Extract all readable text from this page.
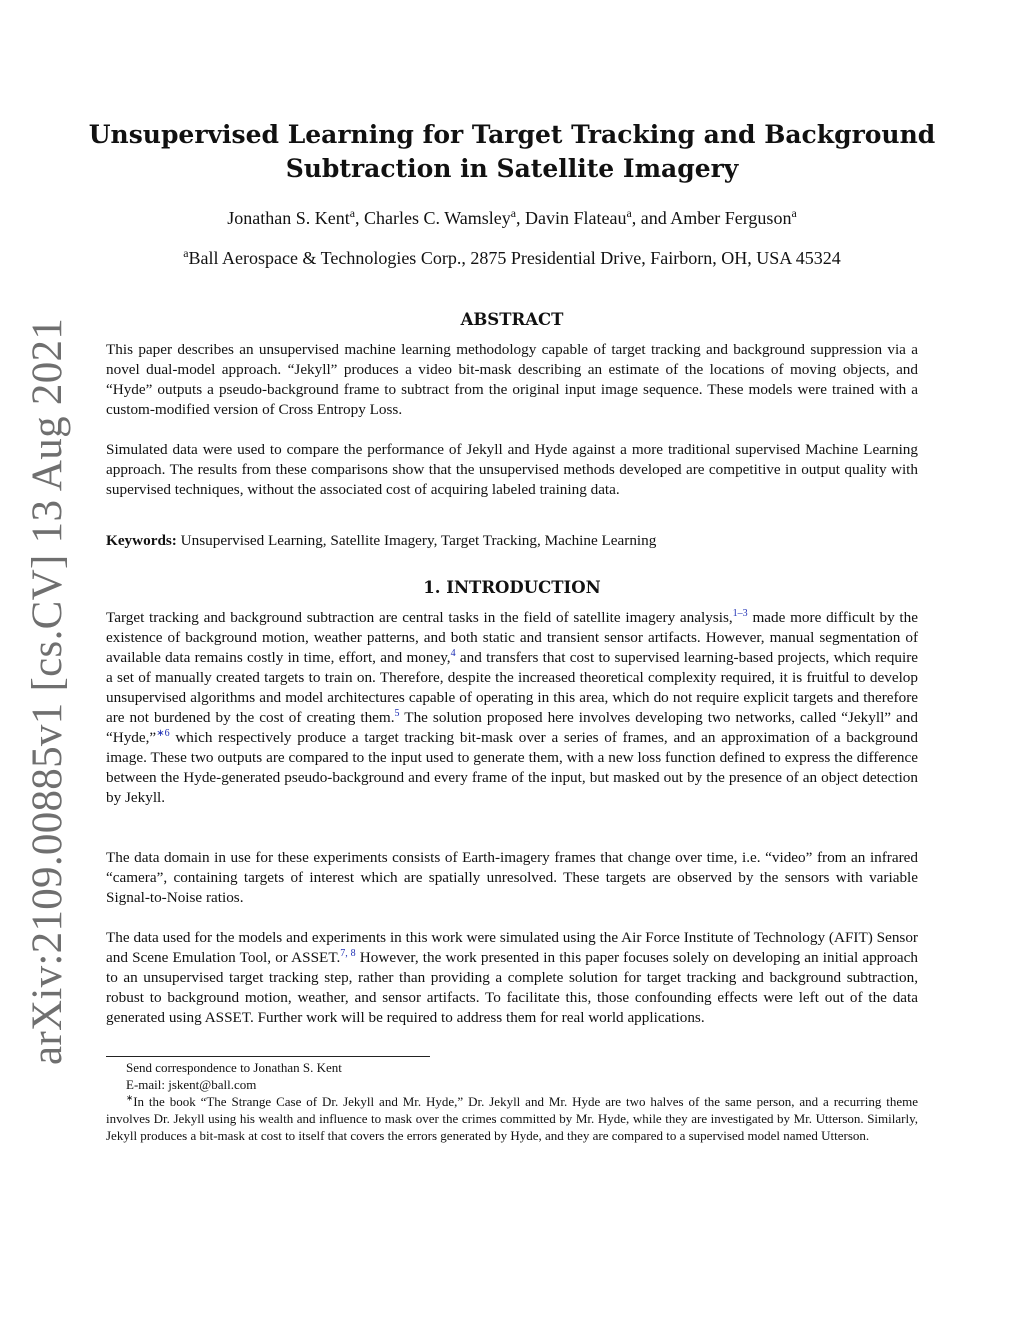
arXiv:2109.00885v1 [cs.CV] 13 Aug 2021
Unsupervised Learning for Target Tracking and Background
Subtraction in Satellite Imagery
Jonathan S. Kent$^a$, Charles C. Wamsley$^a$, Davin Flateau$^a$, and Amber Ferguson$^a$
$^a$Ball Aerospace & Technologies Corp., 2875 Presidential Drive, Fairborn, OH, USA 45324
ABSTRACT

This paper describes an unsupervised machine learning methodology capable of target tracking and background suppression via a novel dual-model approach. “Jekyll” produces a video bit-mask describing an estimate of the locations of moving objects, and “Hyde” outputs a pseudo-background frame to subtract from the original input image sequence. These models were trained with a custom-modified version of Cross Entropy Loss.

Simulated data were used to compare the performance of Jekyll and Hyde against a more traditional supervised Machine Learning approach. The results from these comparisons show that the unsupervised methods developed are competitive in output quality with supervised techniques, without the associated cost of acquiring labeled training data.

Keywords: Unsupervised Learning, Satellite Imagery, Target Tracking, Machine Learning

1. INTRODUCTION

Target tracking and background subtraction are central tasks in the field of satellite imagery analysis,$^{1-3}$ made more difficult by the existence of background motion, weather patterns, and both static and transient sensor artifacts. However, manual segmentation of available data remains costly in time, effort, and money,$^4$ and transfers that cost to supervised learning-based projects, which require a set of manually created targets to train on. Therefore, despite the increased theoretical complexity required, it is fruitful to develop unsupervised algorithms and model architectures capable of operating in this area, which do not require explicit targets and therefore are not burdened by the cost of creating them.$^5$ The solution proposed here involves developing two networks, called “Jekyll” and “Hyde,”$^{∗6}$ which respectively produce a target tracking bit-mask over a series of frames, and an approximation of a background image. These two outputs are compared to the input used to generate them, with a new loss function defined to express the difference between the Hyde-generated pseudo-background and every frame of the input, but masked out by the presence of an object detection by Jekyll.

The data domain in use for these experiments consists of Earth-imagery frames that change over time, i.e. “video” from an infrared “camera”, containing targets of interest which are spatially unresolved. These targets are observed by the sensors with variable Signal-to-Noise ratios.

The data used for the models and experiments in this work were simulated using the Air Force Institute of Technology (AFIT) Sensor and Scene Emulation Tool, or ASSET.$^{7, 8}$ However, the work presented in this paper focuses solely on developing an initial approach to an unsupervised target tracking step, rather than providing a complete solution for target tracking and background subtraction, robust to background motion, weather, and sensor artifacts. To facilitate this, those confounding effects were left out of the data generated using ASSET. Further work will be required to address them for real world applications.

Send correspondence to Jonathan S. Kent
E-mail: jskent@ball.com

∗In the book “The Strange Case of Dr. Jekyll and Mr. Hyde,” Dr. Jekyll and Mr. Hyde are two halves of the same person, and a recurring theme involves Dr. Jekyll using his wealth and influence to mask over the crimes committed by Mr. Hyde, while they are investigated by Mr. Utterson. Similarly, Jekyll produces a bit-mask at cost to itself that covers the errors generated by Hyde, and they are compared to a supervised model named Utterson.
